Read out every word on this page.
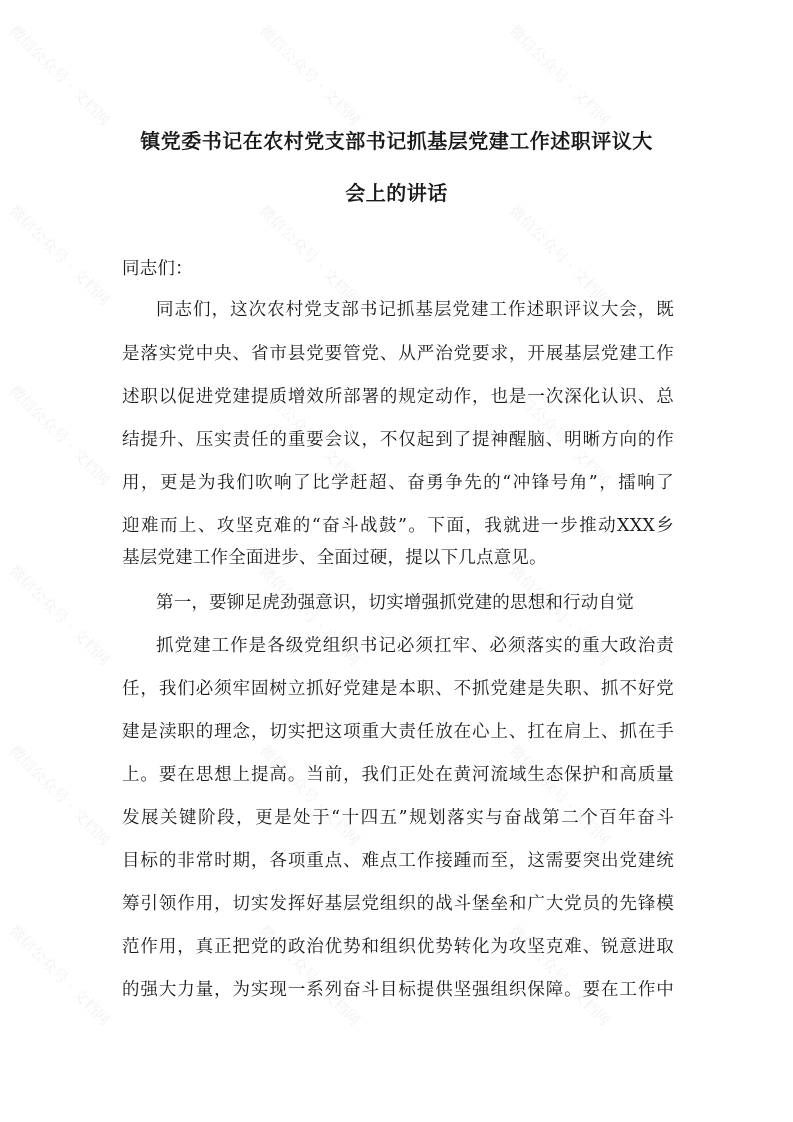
镇党委书记在农村党支部书记抓基层党建工作述职评议大
会上的讲话
同志们：
同志们，这次农村党支部书记抓基层党建工作述职评议大会，既
是落实党中央、省市县党要管党、从严治党要求，开展基层党建工作
述职以促进党建提质增效所部署的规定动作，也是一次深化认识、总
结提升、压实责任的重要会议，不仅起到了提神醒脑、明晰方向的作
用，更是为我们吹响了比学赶超、奋勇争先的“冲锋号角”，擂响了
迎难而上、攻坚克难的“奋斗战鼓”。下面，我就进一步推动XXX乡
基层党建工作全面进步、全面过硬，提以下几点意见。
第一，要铆足虎劲强意识，切实增强抓党建的思想和行动自觉
抓党建工作是各级党组织书记必须扛牢、必须落实的重大政治责
任，我们必须牢固树立抓好党建是本职、不抓党建是失职、抓不好党
建是渎职的理念，切实把这项重大责任放在心上、扛在肩上、抓在手
上。要在思想上提高。当前，我们正处在黄河流域生态保护和高质量
发展关键阶段，更是处于“十四五”规划落实与奋战第二个百年奋斗
目标的非常时期，各项重点、难点工作接踵而至，这需要突出党建统
筹引领作用，切实发挥好基层党组织的战斗堡垒和广大党员的先锋模
范作用，真正把党的政治优势和组织优势转化为攻坚克难、锐意进取
的强大力量，为实现一系列奋斗目标提供坚强组织保障。要在工作中
微信公众号 · 文档网	微信公众号 · 文档网	微信公众号 · 文档网
微信公众号 · 文档网	微信公众号 · 文档网	微信公众号 · 文档网
微信公众号 · 文档网	微信公众号 · 文档网	微信公众号 · 文档网
微信公众号 · 文档网	微信公众号 · 文档网	微信公众号 · 文档网
微信公众号 · 文档网	微信公众号 · 文档网	微信公众号 · 文档网
微信公众号 · 文档网	微信公众号 · 文档网	微信公众号 · 文档网
